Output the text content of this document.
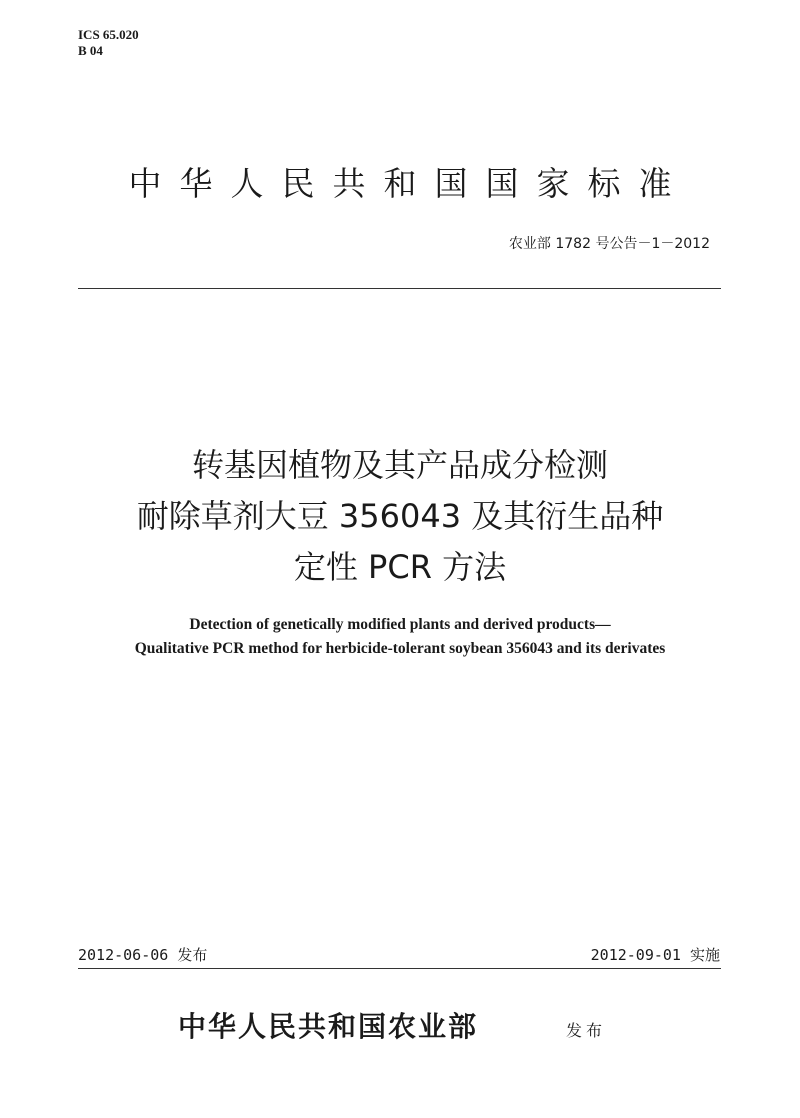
ICS 65.020
B 04
中华人民共和国国家标准
农业部 1782 号公告－1－2012
转基因植物及其产品成分检测
耐除草剂大豆 356043 及其衍生品种
定性 PCR 方法
Detection of genetically modified plants and derived products—
Qualitative PCR method for herbicide-tolerant soybean 356043 and its derivates
2012-06-06 发布	2012-09-01 实施
中华人民共和国农业部	发布
